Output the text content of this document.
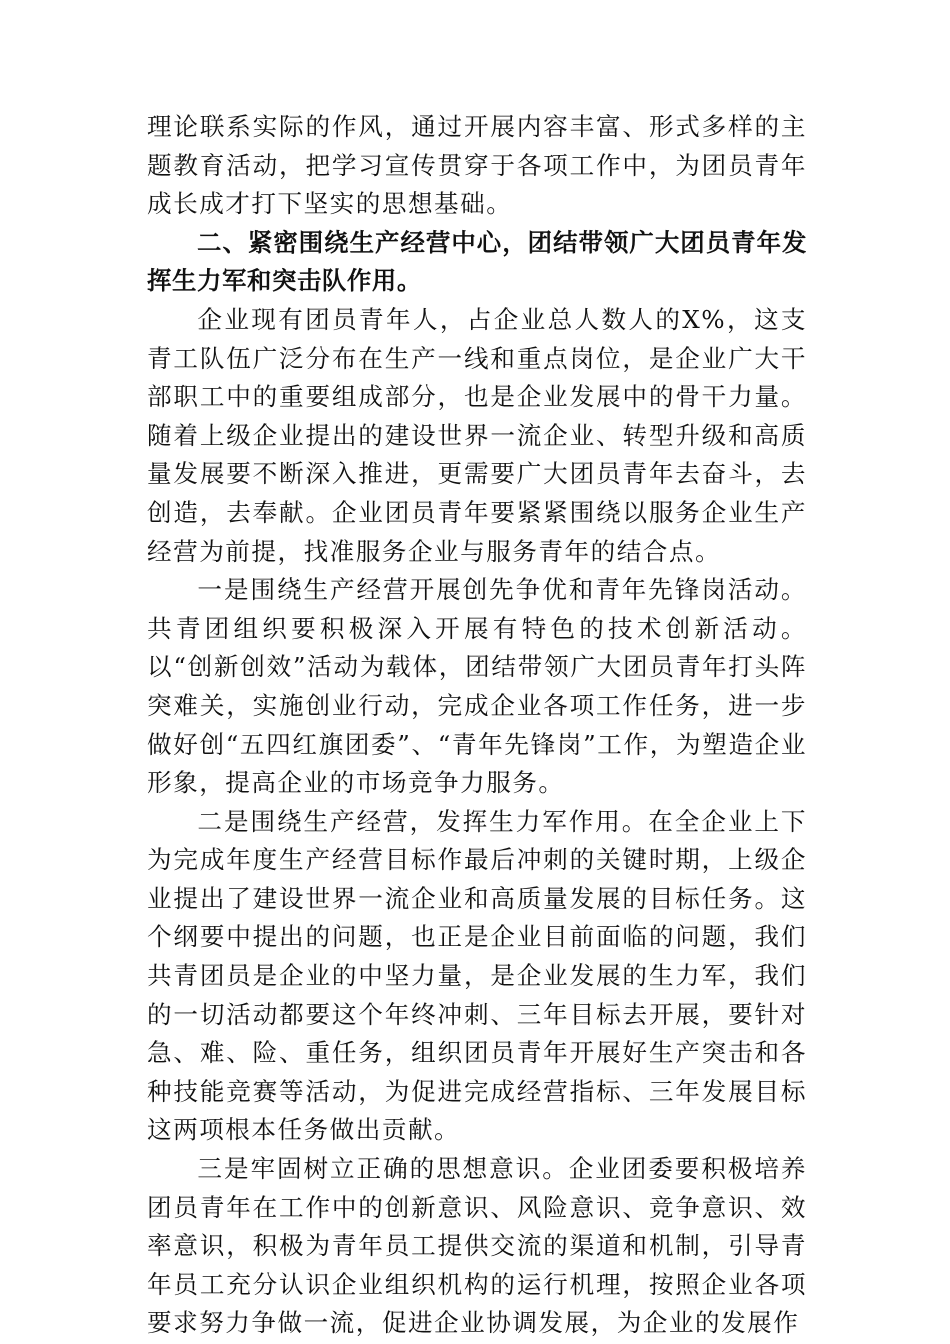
理论联系实际的作风，通过开展内容丰富、形式多样的主题教育活动，把学习宣传贯穿于各项工作中，为团员青年成长成才打下坚实的思想基础。

二、紧密围绕生产经营中心，团结带领广大团员青年发挥生力军和突击队作用。

企业现有团员青年人，占企业总人数人的X%，这支青工队伍广泛分布在生产一线和重点岗位，是企业广大干部职工中的重要组成部分，也是企业发展中的骨干力量。随着上级企业提出的建设世界一流企业、转型升级和高质量发展要不断深入推进，更需要广大团员青年去奋斗，去创造，去奉献。企业团员青年要紧紧围绕以服务企业生产经营为前提，找准服务企业与服务青年的结合点。

一是围绕生产经营开展创先争优和青年先锋岗活动。共青团组织要积极深入开展有特色的技术创新活动。以“创新创效”活动为载体，团结带领广大团员青年打头阵突难关，实施创业行动，完成企业各项工作任务，进一步做好创“五四红旗团委”、“青年先锋岗”工作，为塑造企业形象，提高企业的市场竞争力服务。

二是围绕生产经营，发挥生力军作用。在全企业上下为完成年度生产经营目标作最后冲刺的关键时期，上级企业提出了建设世界一流企业和高质量发展的目标任务。这个纲要中提出的问题，也正是企业目前面临的问题，我们共青团员是企业的中坚力量，是企业发展的生力军，我们的一切活动都要这个年终冲刺、三年目标去开展，要针对急、难、险、重任务，组织团员青年开展好生产突击和各种技能竞赛等活动，为促进完成经营指标、三年发展目标这两项根本任务做出贡献。

三是牢固树立正确的思想意识。企业团委要积极培养团员青年在工作中的创新意识、风险意识、竞争意识、效率意识，积极为青年员工提供交流的渠道和机制，引导青年员工充分认识企业组织机构的运行机理，按照企业各项要求努力争做一流，促进企业协调发展，为企业的发展作
